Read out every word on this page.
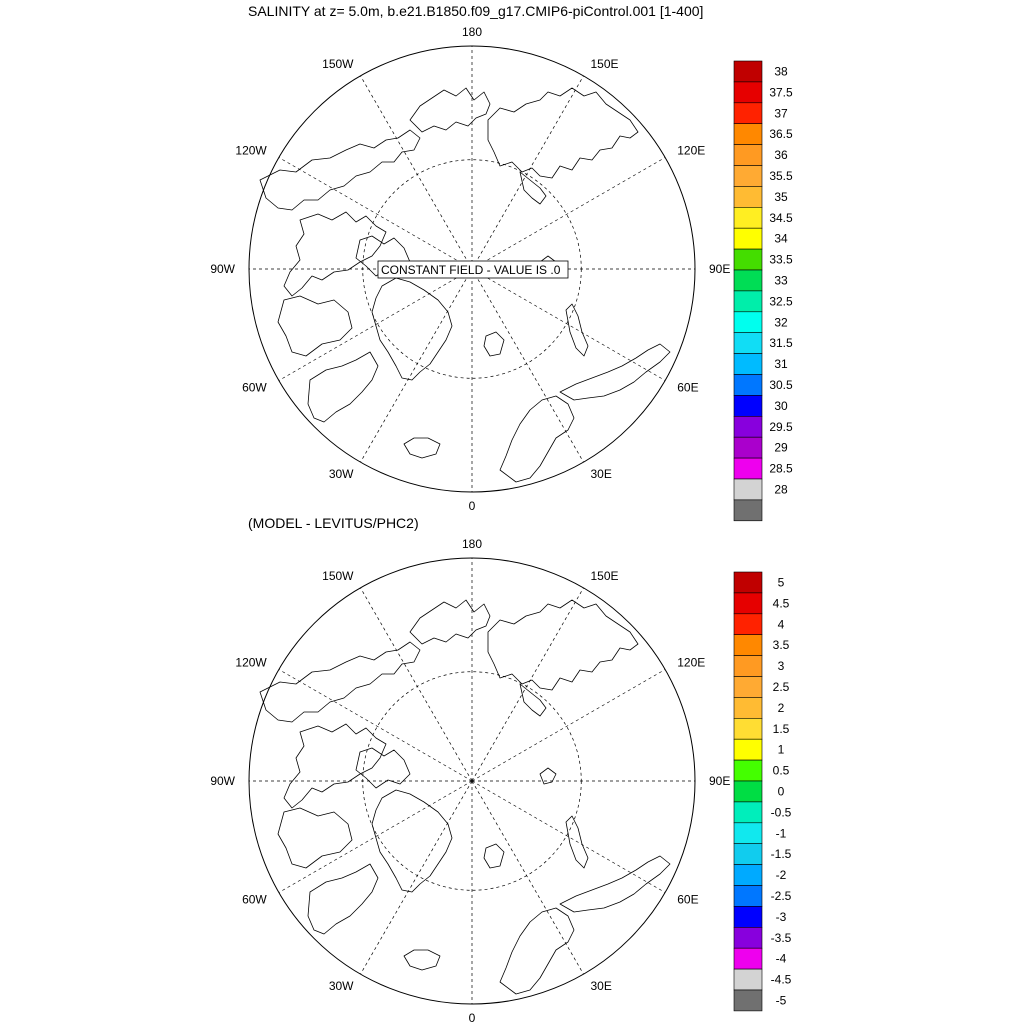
SALINITY at z= 5.0m, b.e21.B1850.f09_g17.CMIP6-piControl.001 [1-400]
180
150E
120E
90E
60E
30E
0
30W
60W
90W
120W
150W
CONSTANT FIELD - VALUE IS .0
38
37.5
37
36.5
36
35.5
35
34.5
34
33.5
33
32.5
32
31.5
31
30.5
30
29.5
29
28.5
28
(MODEL - LEVITUS/PHC2)
180
150E
120E
90E
60E
30E
0
30W
60W
90W
120W
150W	5
4.5
4
3.5
3
2.5
2
1.5
1
0.5
0
-0.5
-1
-1.5
-2
-2.5
-3
-3.5
-4
-4.5
-5
